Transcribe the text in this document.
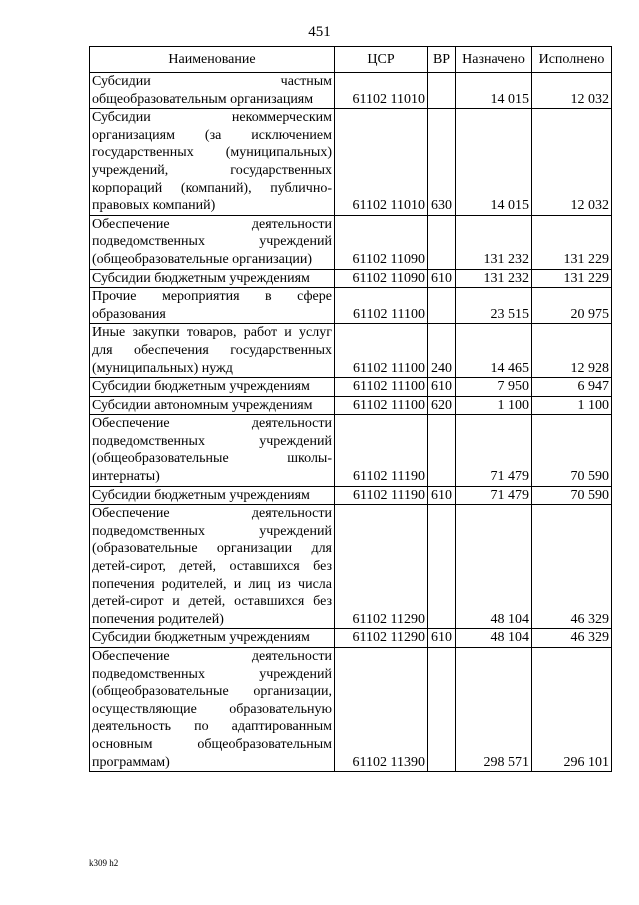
451
Наименование	ЦСР	ВР	Назначено	Исполнено
Субсидии частным общеобразовательным организациям	61102 11010		14 015	12 032
Субсидии некоммерческим организациям (за исключением государственных (муниципальных) учреждений, государственных корпораций (компаний), публично-правовых компаний)	61102 11010	630	14 015	12 032
Обеспечение деятельности подведомственных учреждений (общеобразовательные организации)	61102 11090		131 232	131 229
Субсидии бюджетным учреждениям	61102 11090	610	131 232	131 229
Прочие мероприятия в сфере образования	61102 11100		23 515	20 975
Иные закупки товаров, работ и услуг для обеспечения государственных (муниципальных) нужд	61102 11100	240	14 465	12 928
Субсидии бюджетным учреждениям	61102 11100	610	7 950	6 947
Субсидии автономным учреждениям	61102 11100	620	1 100	1 100
Обеспечение деятельности подведомственных учреждений (общеобразовательные школы-интернаты)	61102 11190		71 479	70 590
Субсидии бюджетным учреждениям	61102 11190	610	71 479	70 590
Обеспечение деятельности подведомственных учреждений (образовательные организации для детей-сирот, детей, оставшихся без попечения родителей, и лиц из числа детей-сирот и детей, оставшихся без попечения родителей)	61102 11290		48 104	46 329
Субсидии бюджетным учреждениям	61102 11290	610	48 104	46 329
Обеспечение деятельности подведомственных учреждений (общеобразовательные организации, осуществляющие образовательную деятельность по адаптированным основным общеобразовательным программам)	61102 11390		298 571	296 101
k309 h2
